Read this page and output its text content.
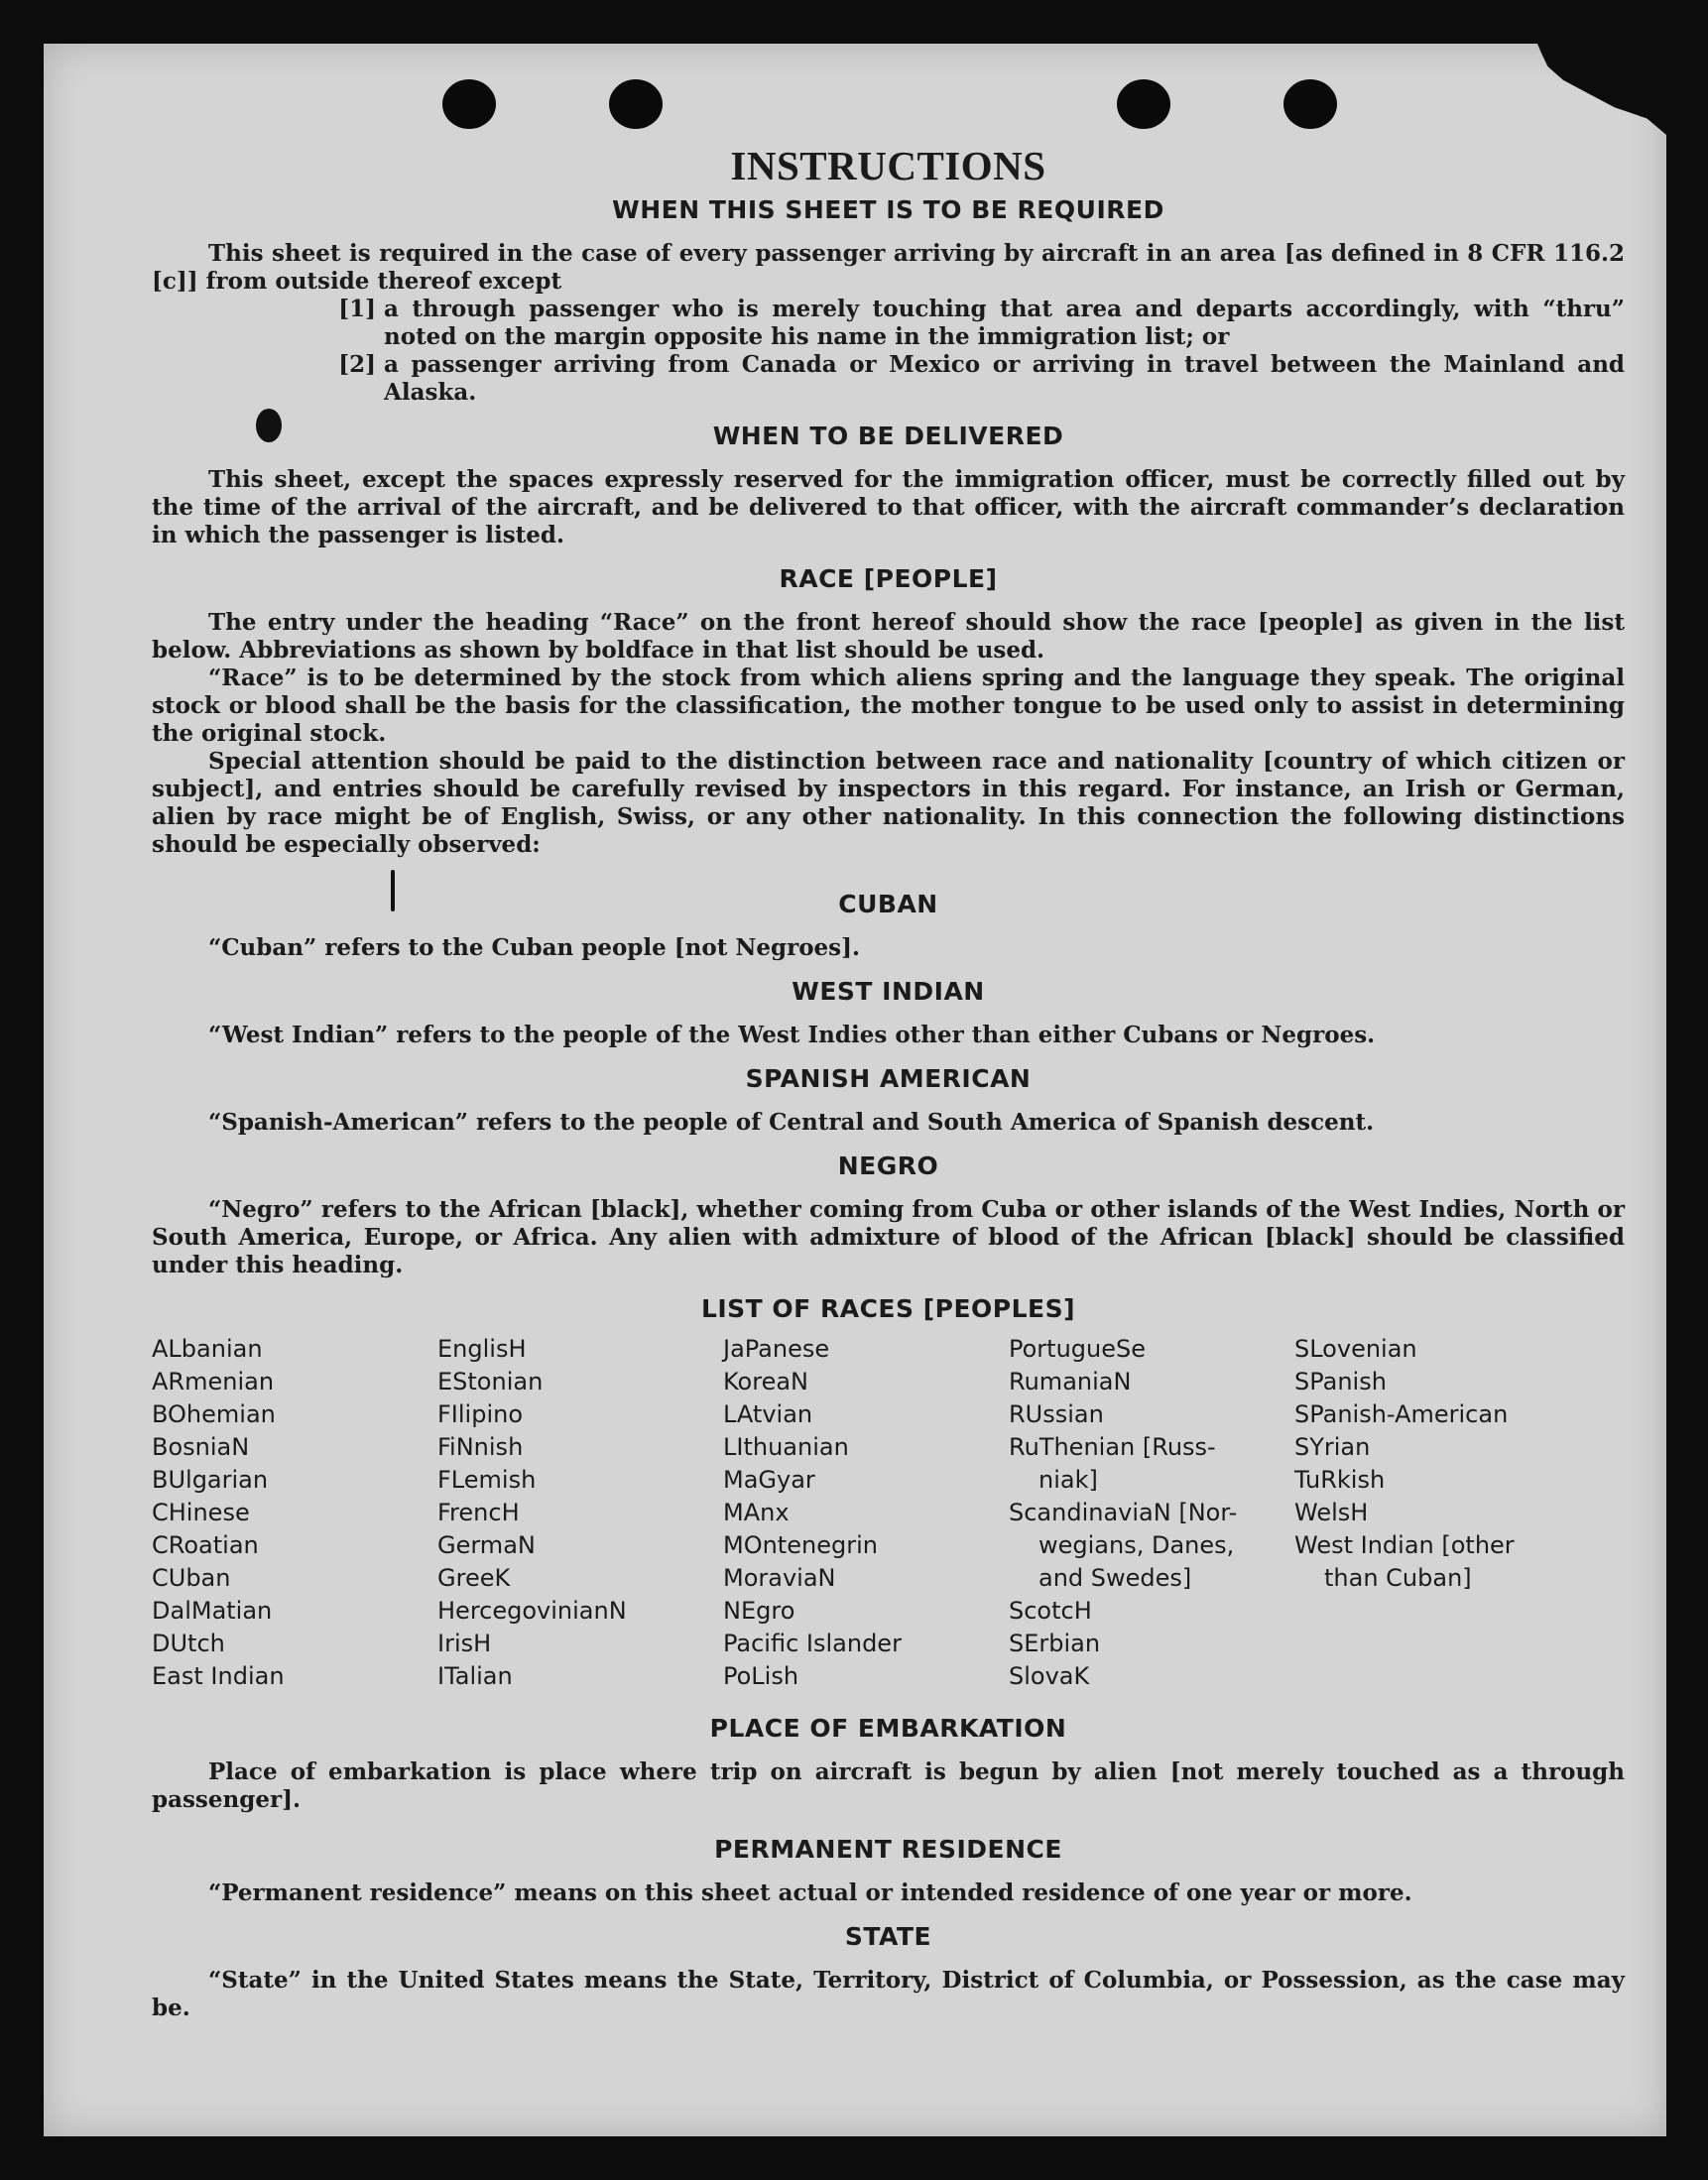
INSTRUCTIONS
WHEN THIS SHEET IS TO BE REQUIRED

This sheet is required in the case of every passenger arriving by aircraft in an area [as defined in 8 CFR 116.2 [c]] from outside thereof except

[1] a through passenger who is merely touching that area and departs accordingly, with “thru” noted on the margin opposite his name in the immigration list; or
[2] a passenger arriving from Canada or Mexico or arriving in travel between the Mainland and Alaska.
WHEN TO BE DELIVERED

This sheet, except the spaces expressly reserved for the immigration officer, must be correctly filled out by the time of the arrival of the aircraft, and be delivered to that officer, with the aircraft commander’s declaration in which the passenger is listed.

RACE [PEOPLE]

The entry under the heading “Race” on the front hereof should show the race [people] as given in the list below. Abbreviations as shown by boldface in that list should be used.

“Race” is to be determined by the stock from which aliens spring and the language they speak. The original stock or blood shall be the basis for the classification, the mother tongue to be used only to assist in determining the original stock.

Special attention should be paid to the distinction between race and nationality [country of which citizen or subject], and entries should be carefully revised by inspectors in this regard. For instance, an Irish or German, alien by race might be of English, Swiss, or any other nationality. In this connection the following distinctions should be especially observed:

CUBAN

“Cuban” refers to the Cuban people [not Negroes].

WEST INDIAN

“West Indian” refers to the people of the West Indies other than either Cubans or Negroes.

SPANISH AMERICAN

“Spanish-American” refers to the people of Central and South America of Spanish descent.

NEGRO

“Negro” refers to the African [black], whether coming from Cuba or other islands of the West Indies, North or South America, Europe, or Africa. Any alien with admixture of blood of the African [black] should be classified under this heading.

LIST OF RACES [PEOPLES]
ALbanian
ARmenian
BOhemian
BosniaN
BUlgarian
CHinese
CRoatian
CUban
DalMatian
DUtch
East Indian
EnglisH
EStonian
FIlipino
FiNnish
FLemish
FrencH
GermaN
GreeK
HercegovinianN
IrisH
ITalian
JaPanese
KoreaN
LAtvian
LIthuanian
MaGyar
MAnx
MOntenegrin
MoraviaN
NEgro
Pacific Islander
PoLish
PortugueSe
RumaniaN
RUssian
RuThenian [Russ-
niak]
ScandinaviaN [Nor-
wegians, Danes,
and Swedes]
ScotcH
SErbian
SlovaK
SLovenian
SPanish
SPanish-American
SYrian
TuRkish
WelsH
West Indian [other
than Cuban]
PLACE OF EMBARKATION

Place of embarkation is place where trip on aircraft is begun by alien [not merely touched as a through passenger].

PERMANENT RESIDENCE

“Permanent residence” means on this sheet actual or intended residence of one year or more.

STATE

“State” in the United States means the State, Territory, District of Columbia, or Possession, as the case may be.
